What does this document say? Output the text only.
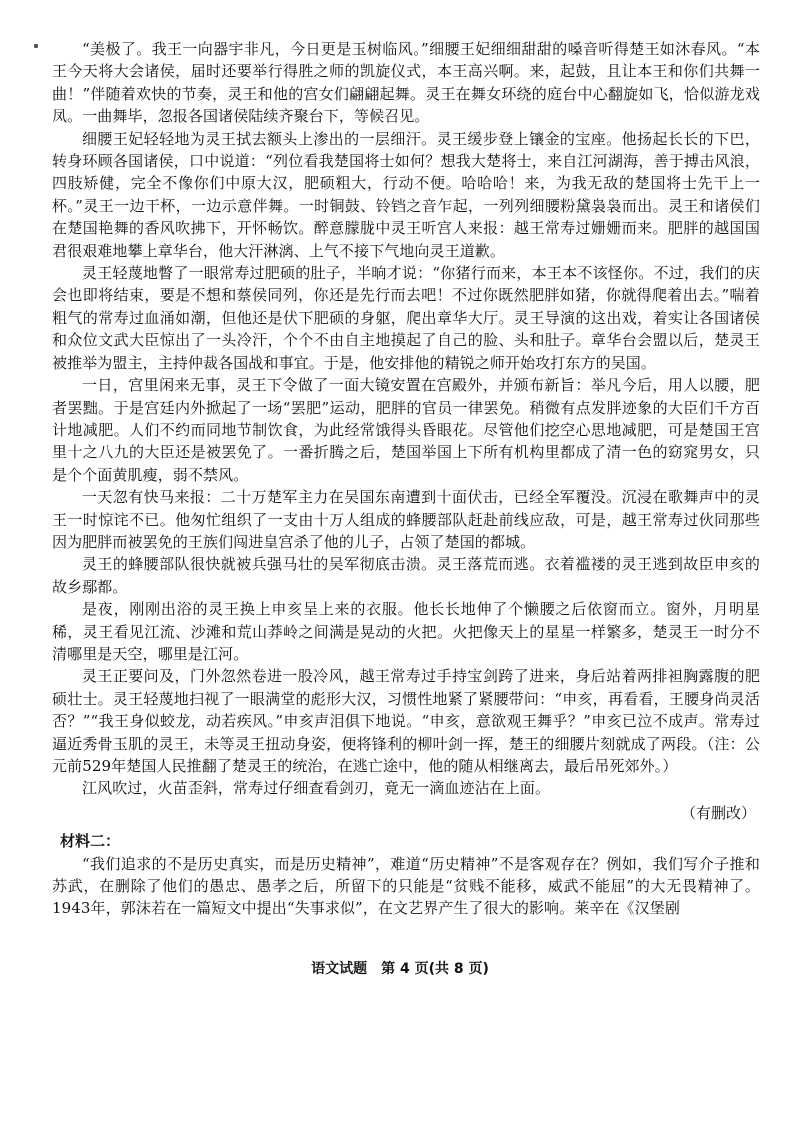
“美极了。我王一向器宇非凡，今日更是玉树临风。”细腰王妃细细甜甜的嗓音听得楚王如沐春风。“本王今天将大会诸侯，届时还要举行得胜之师的凯旋仪式，本王高兴啊。来，起鼓，且让本王和你们共舞一曲！”伴随着欢快的节奏，灵王和他的宫女们翩翩起舞。灵王在舞女环绕的庭台中心翻旋如飞，恰似游龙戏凤。一曲舞毕，忽报各国诸侯陆续齐聚台下，等候召见。

细腰王妃轻轻地为灵王拭去额头上渗出的一层细汗。灵王缓步登上镶金的宝座。他扬起长长的下巴，转身环顾各国诸侯，口中说道：“列位看我楚国将士如何？想我大楚将士，来自江河湖海，善于搏击风浪，四肢矫健，完全不像你们中原大汉，肥硕粗大，行动不便。哈哈哈！来，为我无敌的楚国将士先干上一杯。”灵王一边干杯，一边示意伴舞。一时铜鼓、铃铛之音乍起，一列列细腰粉黛袅袅而出。灵王和诸侯们在楚国艳舞的香风吹拂下，开怀畅饮。醉意朦胧中灵王听宫人来报：越王常寿过姗姗而来。肥胖的越国国君很艰难地攀上章华台，他大汗淋漓、上气不接下气地向灵王道歉。

灵王轻蔑地瞥了一眼常寿过肥硕的肚子，半晌才说：“你猪行而来，本王本不该怪你。不过，我们的庆会也即将结束，要是不想和蔡侯同列，你还是先行而去吧！不过你既然肥胖如猪，你就得爬着出去。”喘着粗气的常寿过血涌如潮，但他还是伏下肥硕的身躯，爬出章华大厅。灵王导演的这出戏，着实让各国诸侯和众位文武大臣惊出了一头冷汗，个个不由自主地摸起了自己的脸、头和肚子。章华台会盟以后，楚灵王被推举为盟主，主持仲裁各国战和事宜。于是，他安排他的精锐之师开始攻打东方的吴国。

一日，宫里闲来无事，灵王下令做了一面大镜安置在宫殿外，并颁布新旨：举凡今后，用人以腰，肥者罢黜。于是宫廷内外掀起了一场“罢肥”运动，肥胖的官员一律罢免。稍微有点发胖迹象的大臣们千方百计地减肥。人们不约而同地节制饮食，为此经常饿得头昏眼花。尽管他们挖空心思地减肥，可是楚国王宫里十之八九的大臣还是被罢免了。一番折腾之后，楚国举国上下所有机构里都成了清一色的窈窕男女，只是个个面黄肌瘦，弱不禁风。

一天忽有快马来报：二十万楚军主力在吴国东南遭到十面伏击，已经全军覆没。沉浸在歌舞声中的灵王一时惊诧不已。他匆忙组织了一支由十万人组成的蜂腰部队赶赴前线应敌，可是，越王常寿过伙同那些因为肥胖而被罢免的王族们闯进皇宫杀了他的儿子，占领了楚国的都城。

灵王的蜂腰部队很快就被兵强马壮的吴军彻底击溃。灵王落荒而逃。衣着褴褛的灵王逃到故臣申亥的故乡鄢都。

是夜，刚刚出浴的灵王换上申亥呈上来的衣服。他长长地伸了个懒腰之后依窗而立。窗外，月明星稀，灵王看见江流、沙滩和荒山莽岭之间满是晃动的火把。火把像天上的星星一样繁多，楚灵王一时分不清哪里是天空，哪里是江河。

灵王正要问及，门外忽然卷进一股冷风，越王常寿过手持宝剑跨了进来，身后站着两排袒胸露腹的肥硕壮士。灵王轻蔑地扫视了一眼满堂的彪形大汉，习惯性地紧了紧腰带问：“申亥，再看看，王腰身尚灵活否？”“我王身似蛟龙，动若疾风。”申亥声泪俱下地说。“申亥，意欲观王舞乎？”申亥已泣不成声。常寿过逼近秀骨玉肌的灵王，未等灵王扭动身姿，便将锋利的柳叶剑一挥，楚王的细腰片刻就成了两段。（注：公元前529年楚国人民推翻了楚灵王的统治，在逃亡途中，他的随从相继离去，最后吊死郊外。）

江风吹过，火苗歪斜，常寿过仔细查看剑刃，竟无一滴血迹沾在上面。

（有删改）

材料二：

“我们追求的不是历史真实，而是历史精神”，难道“历史精神”不是客观存在？例如，我们写介子推和苏武，在删除了他们的愚忠、愚孝之后，所留下的只能是“贫贱不能移，威武不能屈”的大无畏精神了。1943年，郭沫若在一篇短文中提出“失事求似”，在文艺界产生了很大的影响。莱辛在《汉堡剧

语文试题　第 4 页(共 8 页)
